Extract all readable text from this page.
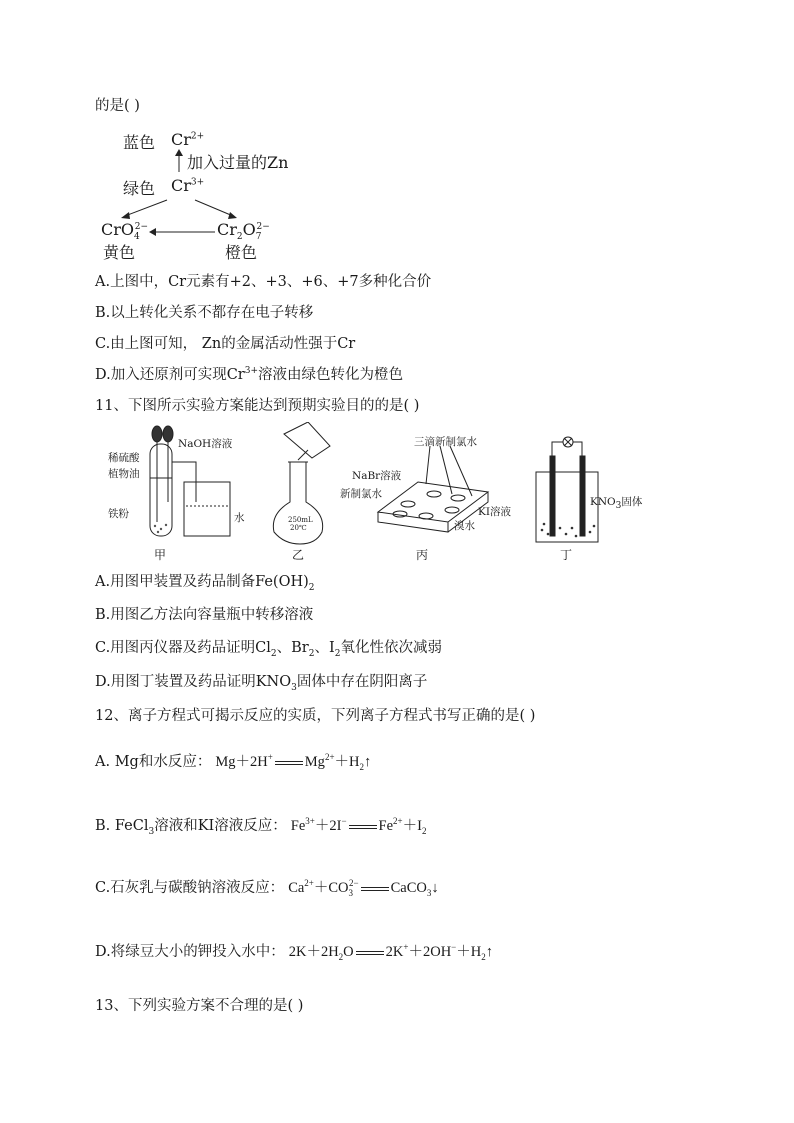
的是( )
蓝色 $Cr^{2+}$
加入过量的Zn
绿色 $Cr^{3+}$
CrO$_4^{2-}$	$Cr_2O_7^{2-}$
黄色	橙色
A.上图中，Cr元素有+2、+3、+6、+7多种化合价
B.以上转化关系不都存在电子转移
C.由上图可知， Zn的金属活动性强于Cr
D.加入还原剂可实现$Cr^{3+}$溶液由绿色转化为橙色
11、下图所示实验方案能达到预期实验目的的是( )
稀硫酸
植物油
铁粉
NaOH溶液
水
甲
250mL
20℃
乙
三滴新制氯水
NaBr溶液
新制氯水
KI溶液
溴水
丙
$KNO_3$固体
丁
A.用图甲装置及药品制备$Fe(OH)_2$
B.用图乙方法向容量瓶中转移溶液
C.用图丙仪器及药品证明$Cl_2$、$Br_2$、$I_2$氧化性依次减弱
D.用图丁装置及药品证明$KNO_3$固体中存在阴阳离子
12、离子方程式可揭示反应的实质，下列离子方程式书写正确的是( )
A. Mg和水反应： Mg＋2H+ $Mg^{2+}+H_2↑$
B. FeCl$_3$溶液和KI溶液反应： $Fe^{3+}+2I^-$ $Fe^{2+}+I_2$
C.石灰乳与碳酸钠溶液反应： $Ca^{2+}+CO_3^{2-}$ CaCO$_3$↓
D.将绿豆大小的钾投入水中： $2K+2H_2O$ $2K^++2OH^-+H_2↑$
13、下列实验方案不合理的是( )
